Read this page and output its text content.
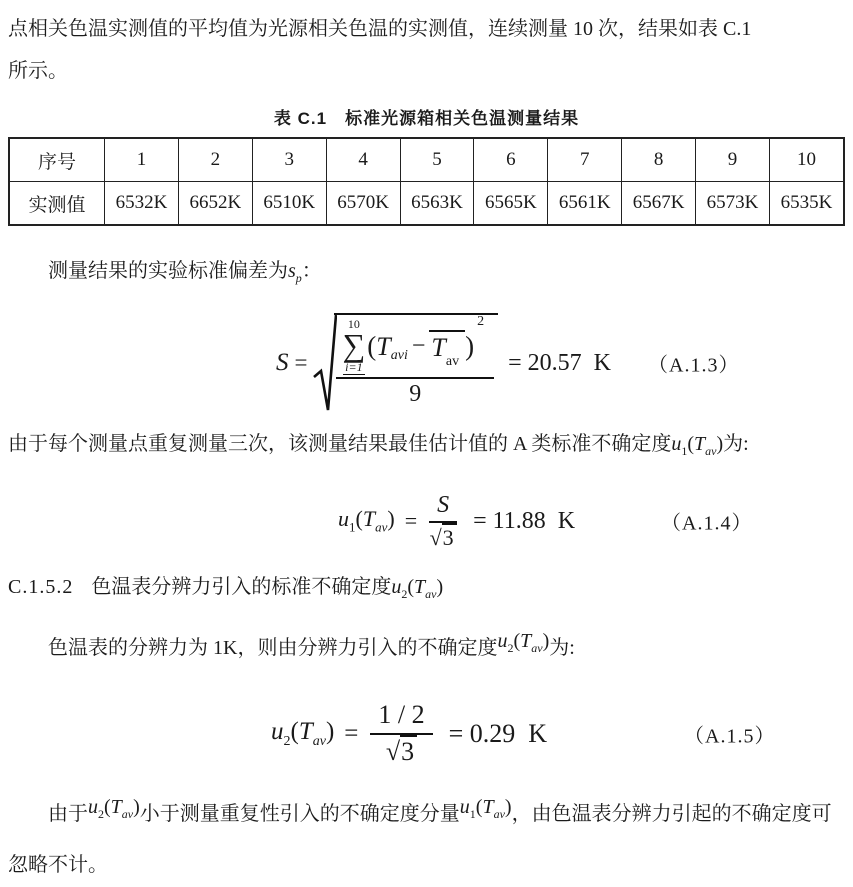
点相关色温实测值的平均值为光源相关色温的实测值，连续测量 10 次，结果如表 C.1
所示。
表 C.1　标准光源箱相关色温测量结果
序号	1	2	3	4	5	6	7	8	9	10
实测值	6532K	6652K	6510K	6570K	6563K	6565K	6561K	6567K	6573K	6535K
测量结果的实验标准偏差为$s_p$：
S =
10
∑
i=1
( T avi − Tav
)
2
9
= 20.57  K （A.1.3）
由于每个测量点重复测量三次，该测量结果最佳估计值的 A 类标准不确定度$u_1(T_{av})$为:
$u_1(T_{av}) = \frac{S}{√3} = 11.88$  K	（A.1.4）
C.1.5.2 色温表分辨力引入的标准不确定度$u_2(T_{av})$
色温表的分辨力为 1K，则由分辨力引入的不确定度$u_2(T_{av})$为:
$u_2(T_{av}) = \frac{1 / 2}{√3} = 0.29$  K	（A.1.5）
由于$u_2(T_{av})$小于测量重复性引入的不确定度分量$u_1(T_{av})$，由色温表分辨力引起的不确定度可忽略不计。
